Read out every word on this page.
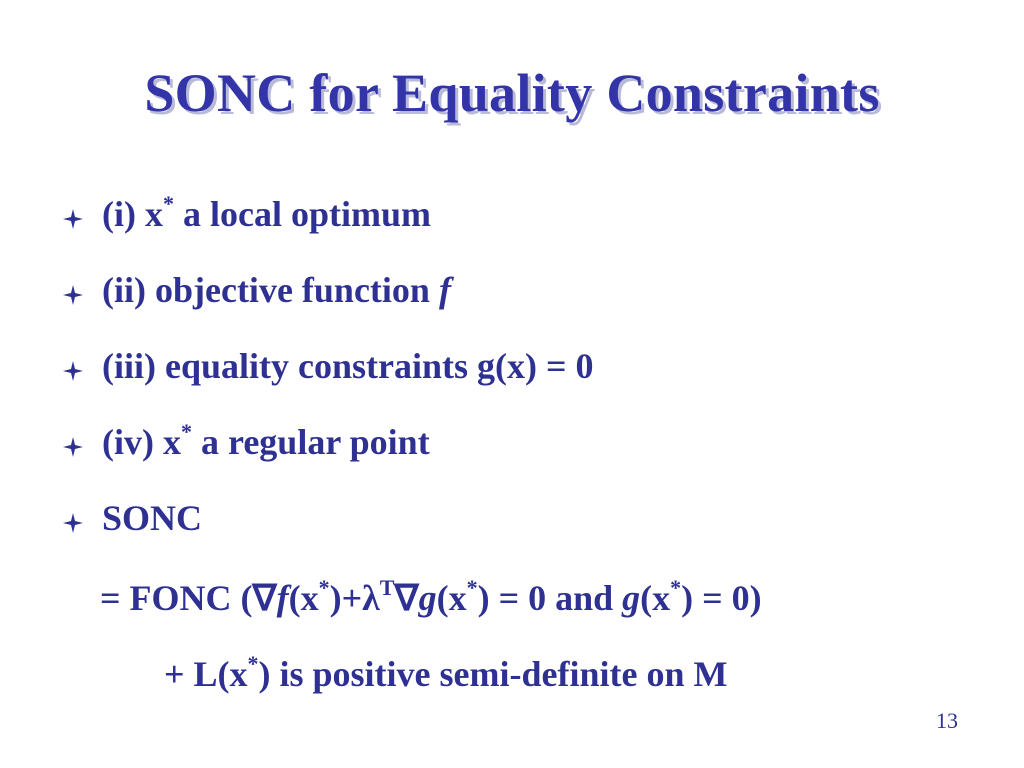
SONC for Equality Constraints
(i) x* a local optimum
(ii) objective function f
(iii) equality constraints g(x) = 0
(iv) x* a regular point
SONC
= FONC ($\nabla f(x^*)+\lambda^T\nabla g(x^*) = 0$ and g(x*) = 0)
+ L(x*) is positive semi-definite on M
13
